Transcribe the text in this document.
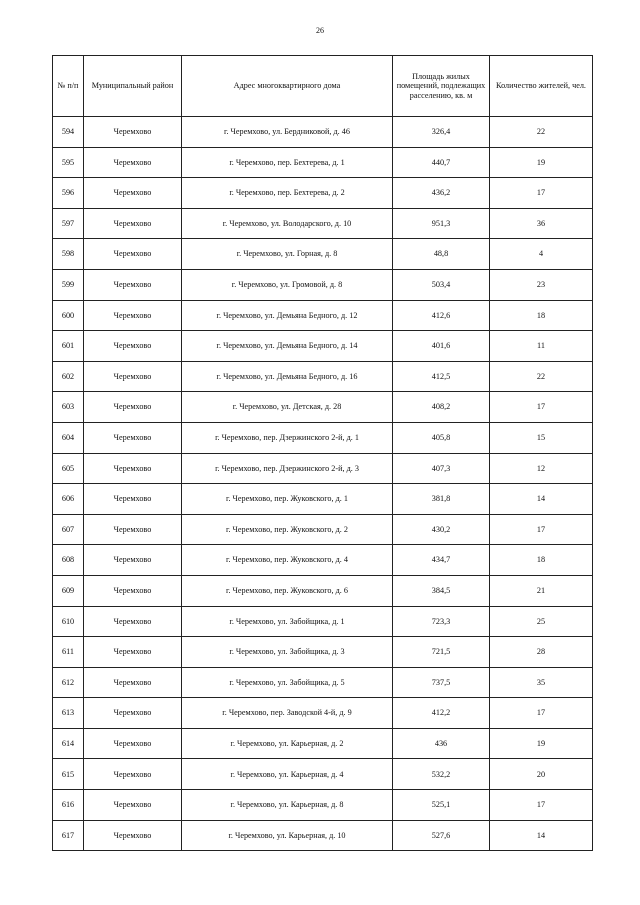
26
№ п/п	Муниципальный район	Адрес многоквартирного дома	Площадь жилых помещений, подлежащих расселению, кв. м	Количество жителей, чел.
594	Черемхово	г. Черемхово, ул. Бердниковой, д. 46	326,4	22
595	Черемхово	г. Черемхово, пер. Бехтерева, д. 1	440,7	19
596	Черемхово	г. Черемхово, пер. Бехтерева, д. 2	436,2	17
597	Черемхово	г. Черемхово, ул. Володарского, д. 10	951,3	36
598	Черемхово	г. Черемхово, ул. Горная, д. 8	48,8	4
599	Черемхово	г. Черемхово, ул. Громовой, д. 8	503,4	23
600	Черемхово	г. Черемхово, ул. Демьяна Бедного, д. 12	412,6	18
601	Черемхово	г. Черемхово, ул. Демьяна Бедного, д. 14	401,6	11
602	Черемхово	г. Черемхово, ул. Демьяна Бедного, д. 16	412,5	22
603	Черемхово	г. Черемхово, ул. Детская, д. 28	408,2	17
604	Черемхово	г. Черемхово, пер. Дзержинского 2-й, д. 1	405,8	15
605	Черемхово	г. Черемхово, пер. Дзержинского 2-й, д. 3	407,3	12
606	Черемхово	г. Черемхово, пер. Жуковского, д. 1	381,8	14
607	Черемхово	г. Черемхово, пер. Жуковского, д. 2	430,2	17
608	Черемхово	г. Черемхово, пер. Жуковского, д. 4	434,7	18
609	Черемхово	г. Черемхово, пер. Жуковского, д. 6	384,5	21
610	Черемхово	г. Черемхово, ул. Забойщика, д. 1	723,3	25
611	Черемхово	г. Черемхово, ул. Забойщика, д. 3	721,5	28
612	Черемхово	г. Черемхово, ул. Забойщика, д. 5	737,5	35
613	Черемхово	г. Черемхово, пер. Заводской 4-й, д. 9	412,2	17
614	Черемхово	г. Черемхово, ул. Карьерная, д. 2	436	19
615	Черемхово	г. Черемхово, ул. Карьерная, д. 4	532,2	20
616	Черемхово	г. Черемхово, ул. Карьерная, д. 8	525,1	17
617	Черемхово	г. Черемхово, ул. Карьерная, д. 10	527,6	14
